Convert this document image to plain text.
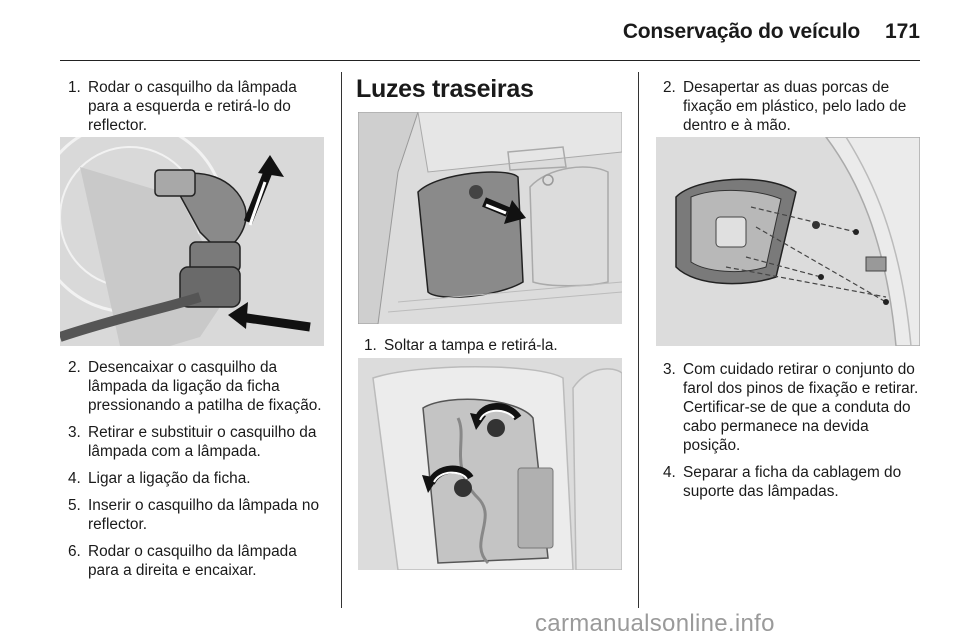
Conservação do veículo	171
1. Rodar o casquilho da lâmpada para a esquerda e retirá-lo do reflector.
2. Desencaixar o casquilho da lâmpada da ligação da ficha pressionando a patilha de fixação.
3. Retirar e substituir o casquilho da lâmpada com a lâmpada.
4. Ligar a ligação da ficha.
5. Inserir o casquilho da lâmpada no reflector.
6. Rodar o casquilho da lâmpada para a direita e encaixar.
Luzes traseiras
1. Soltar a tampa e retirá-la.
2. Desapertar as duas porcas de fixação em plástico, pelo lado de dentro e à mão.
3. Com cuidado retirar o conjunto do farol dos pinos de fixação e retirar. Certificar-se de que a conduta do cabo permanece na devida posição.
4. Separar a ficha da cablagem do suporte das lâmpadas.
carmanualsonline.info
